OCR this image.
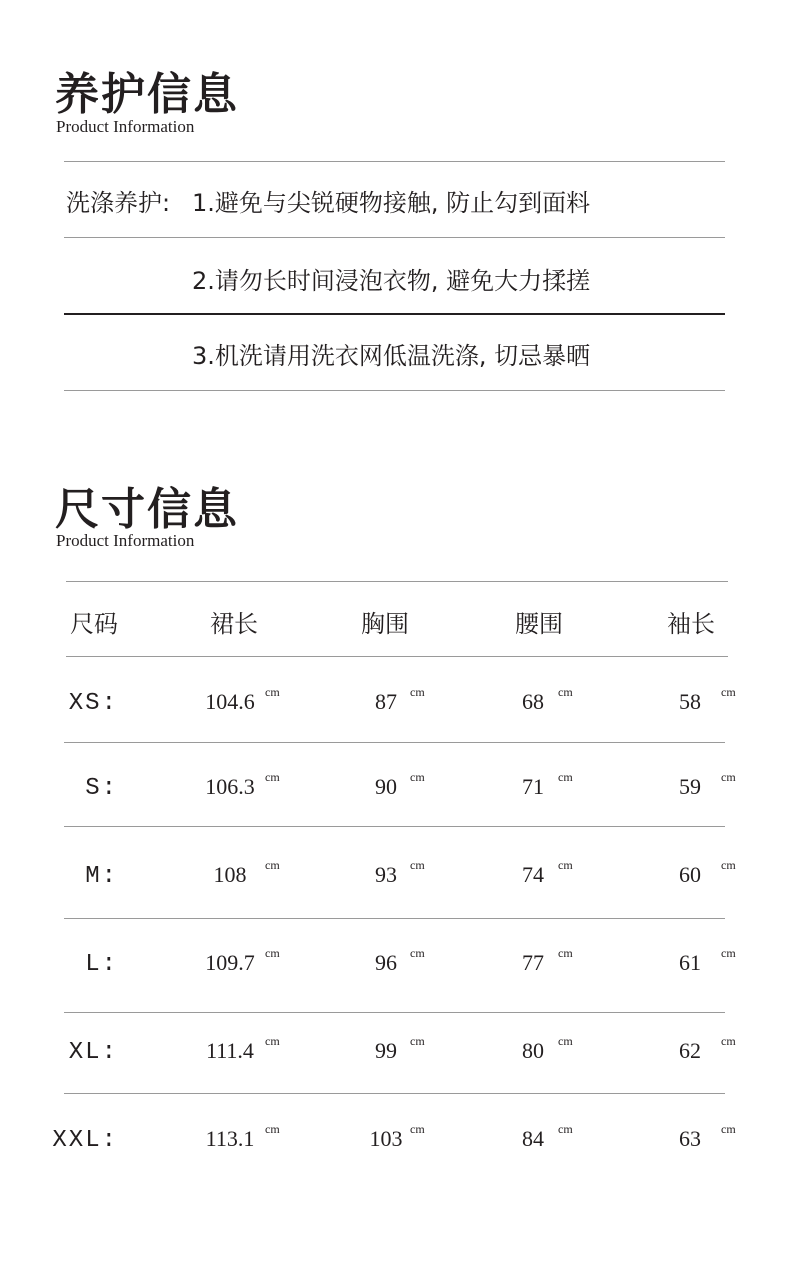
养护信息
Product Information
洗涤养护: 1.避免与尖锐硬物接触, 防止勾到面料
2.请勿长时间浸泡衣物, 避免大力揉搓
3.机洗请用洗衣网低温洗涤, 切忌暴晒
尺寸信息
Product Information
尺码	裙长	胸围	腰围	袖长
XS:	104.6 cm	87	cm	68	cm	58	cm
S:	106.3 cm	90	cm	71	cm	59	cm
M:	108	cm	93	cm	74	cm	60	cm
L:	109.7 cm	96	cm	77	cm	61	cm
XL:	111.4 cm	99	cm	80	cm	62	cm
XXL:	113.1 cm	103 cm	84	cm	63	cm
